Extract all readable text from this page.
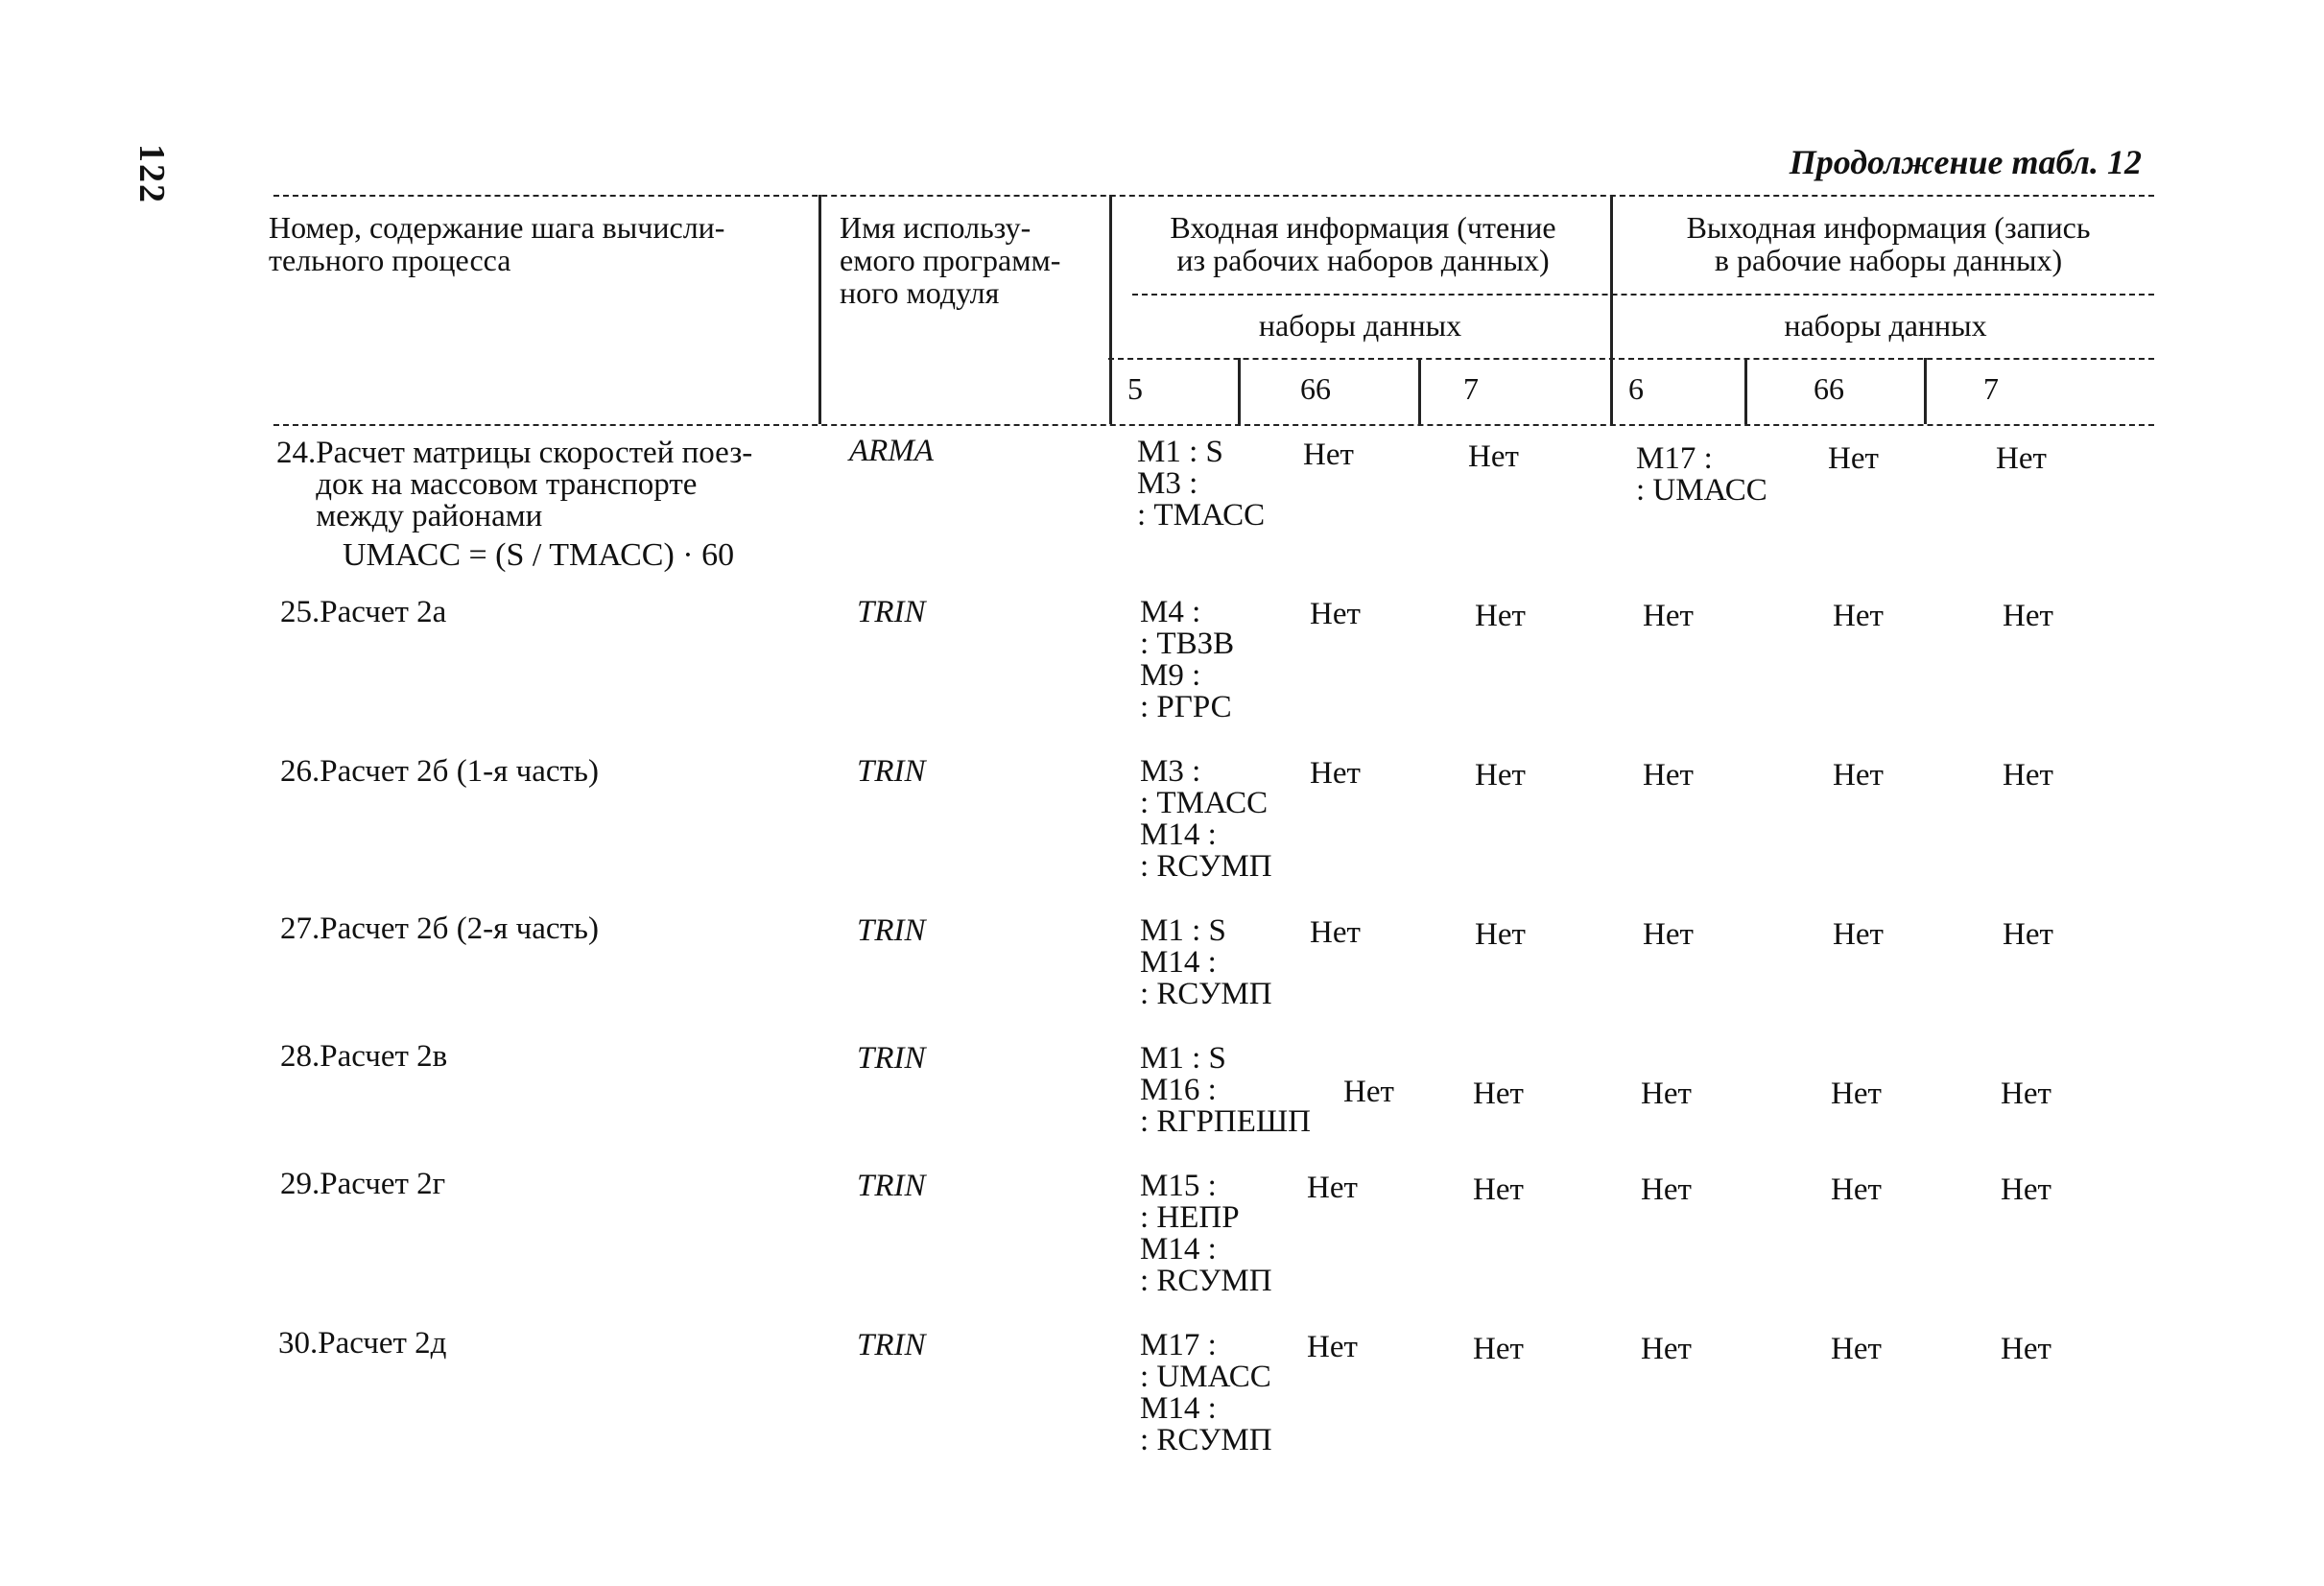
122	Продолжение табл. 12
Номер, содержание шага вычисли-
тельного процесса
Имя использу-
емого программ-
ного модуля
Входная информация (чтение
из рабочих наборов данных)
Выходная информация (запись
в рабочие наборы данных)
наборы данных	наборы данных
5	66	7	6	66	7
24.Расчет матрицы скоростей поез-
док на массовом транспорте
между районами
UМАСС = (S / TМАСС) · 60
ARMA	М1 : S
М3 :
: TМАСС
Нет	Нет	М17 :
: UМАСС
Нет	Нет
25.Расчет 2а	TRIN	М4 :
: TВЗВ
М9 :
: PГРС
Нет	Нет	Нет	Нет	Нет
26.Расчет 2б (1-я часть)	TRIN	М3 :
: TМАСС
М14 :
: RСУМП
Нет	Нет	Нет	Нет	Нет
27.Расчет 2б (2-я часть)	TRIN	М1 : S
М14 :
: RСУМП
Нет	Нет	Нет	Нет	Нет
28.Расчет 2в	TRIN	М1 : S
М16 :
: RГРПЕШП
Нет Нет	Нет	Нет	Нет
29.Расчет 2г	TRIN	М15 :
: НЕПР
М14 :
: RСУМП
Нет	Нет	Нет	Нет	Нет
30.Расчет 2д	TRIN	М17 :
: UМАСС
М14 :
: RСУМП
Нет	Нет	Нет	Нет	Нет
